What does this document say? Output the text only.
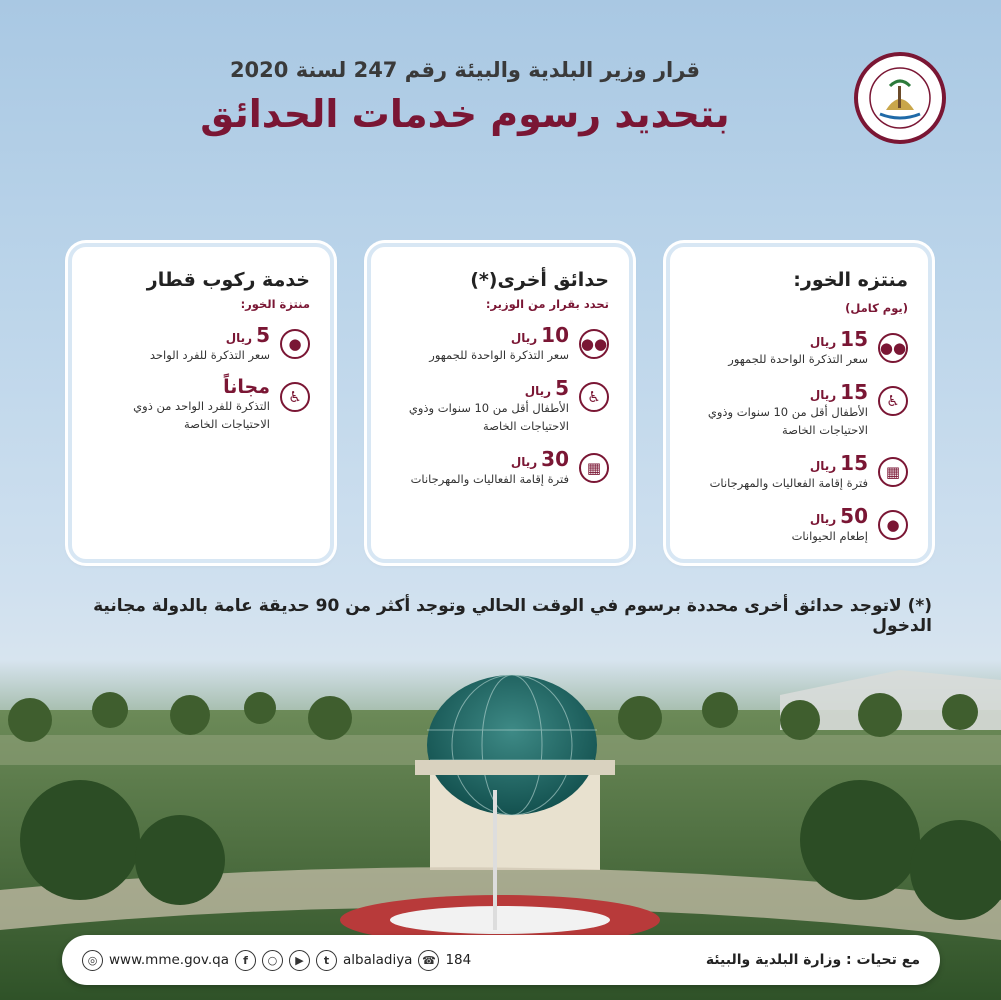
قرار وزير البلدية والبيئة رقم 247 لسنة 2020
بتحديد رسوم خدمات الحدائق
منتزه الخور:
(يوم كامل)
●●
15ريال
سعر التذكرة الواحدة للجمهور
♿
15ريال
الأطفال أقل من 10 سنوات وذوي الاحتياجات الخاصة
▦
15ريال
فترة إقامة الفعاليات والمهرجانات
●
50ريال
إطعام الحيوانات
حدائق أخرى(*)
تحدد بقرار من الوزير:
●●
10ريال
سعر التذكرة الواحدة للجمهور
♿
5ريال
الأطفال أقل من 10 سنوات وذوي الاحتياجات الخاصة
▦
30ريال
فترة إقامة الفعاليات والمهرجانات
خدمة ركوب قطار
منتزة الخور:
●
5ريال
سعر التذكرة للفرد الواحد
♿
مجاناً
التذكرة للفرد الواحد من ذوي الاحتياجات الخاصة
(*) لاتوجد حدائق أخرى محددة برسوم في الوقت الحالي وتوجد أكثر من 90 حديقة عامة بالدولة مجانية الدخول
◎ www.mme.gov.qa	f	○	▶	t	albaladiya ☎ 184	مع تحيات : وزارة البلدية والبيئة
